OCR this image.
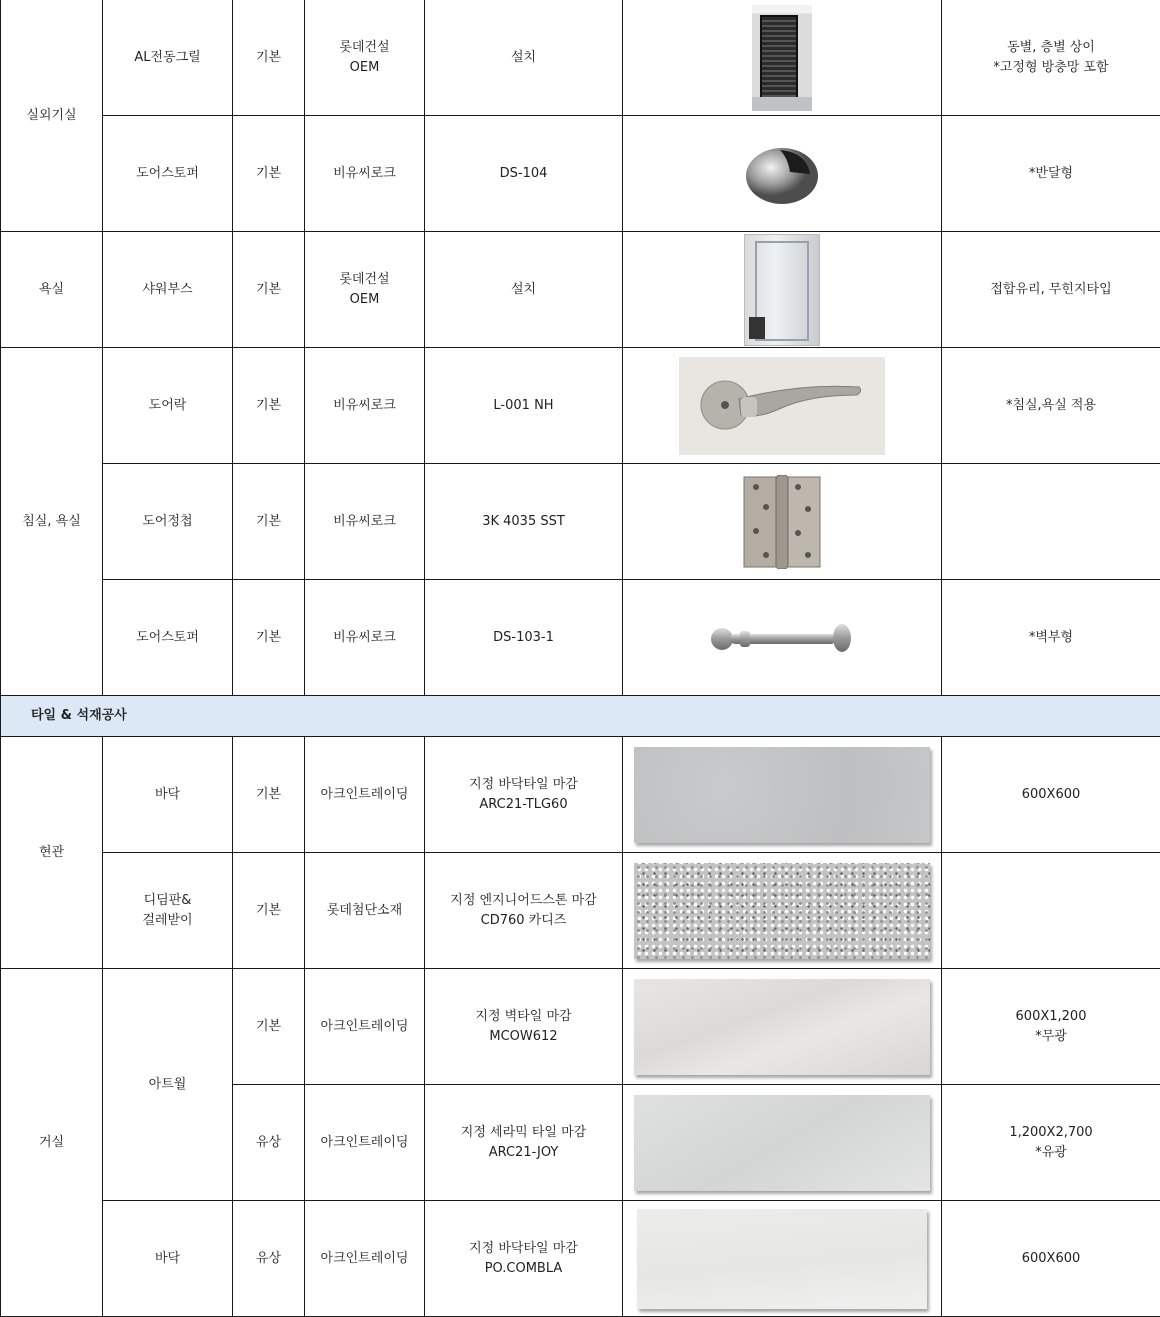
실외기실	AL전동그릴	기본	롯데건설
OEM	설치		동별, 층별 상이
*고정형 방충망 포함

	도어스토퍼	기본	비유씨로크	DS-104		*반달형
욕실	샤워부스	기본	롯데건설
OEM	설치		접합유리, 무힌지타입
침실, 욕실	도어락	기본	비유씨로크	L-001 NH		*침실,욕실 적용
	도어정첩	기본	비유씨로크	3K 4035 SST	

	도어스토퍼	기본	비유씨로크	DS-103-1		*벽부형
타일 & 석재공사						
현관	바닥	기본	아크인트레이딩	지정 바닥타일 마감
ARC21-TLG60		600X600

	디딤판&
걸레받이	기본	롯데첨단소재	지정 엔지니어드스톤 마감
CD760 카디즈		

거실	아트월	기본	아크인트레이딩	지정 벽타일 마감
MCOW612		600X1,200
*무광

		유상	아크인트레이딩	지정 세라믹 타일 마감
ARC21-JOY		1,200X2,700
*유광

	바닥	유상	아크인트레이딩	지정 바닥타일 마감
PO.COMBLA		600X600
